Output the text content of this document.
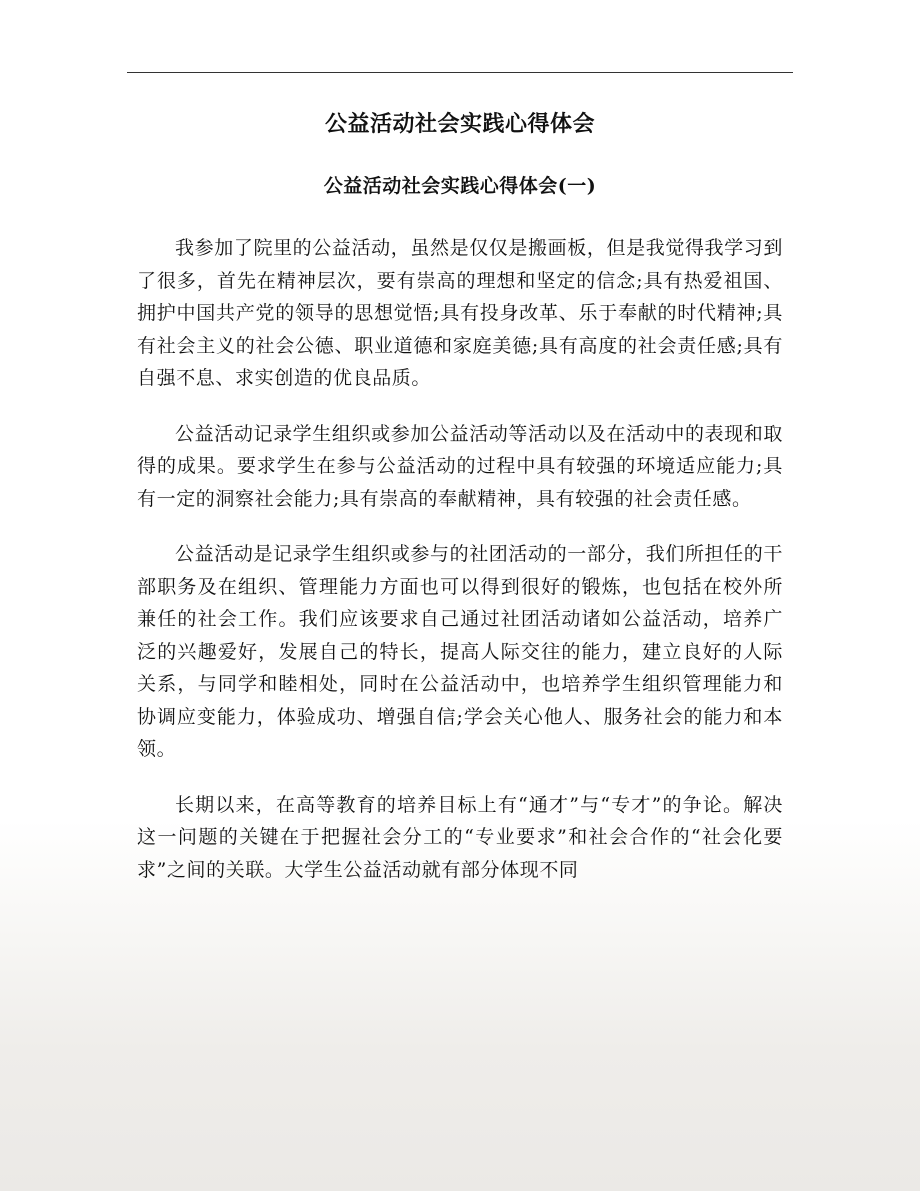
公益活动社会实践心得体会
公益活动社会实践心得体会(一)

我参加了院里的公益活动，虽然是仅仅是搬画板，但是我觉得我学习到了很多，首先在精神层次，要有崇高的理想和坚定的信念;具有热爱祖国、拥护中国共产党的领导的思想觉悟;具有投身改革、乐于奉献的时代精神;具有社会主义的社会公德、职业道德和家庭美德;具有高度的社会责任感;具有自强不息、求实创造的优良品质。

公益活动记录学生组织或参加公益活动等活动以及在活动中的表现和取得的成果。要求学生在参与公益活动的过程中具有较强的环境适应能力;具有一定的洞察社会能力;具有崇高的奉献精神，具有较强的社会责任感。

公益活动是记录学生组织或参与的社团活动的一部分，我们所担任的干部职务及在组织、管理能力方面也可以得到很好的锻炼，也包括在校外所兼任的社会工作。我们应该要求自己通过社团活动诸如公益活动，培养广泛的兴趣爱好，发展自己的特长，提高人际交往的能力，建立良好的人际关系，与同学和睦相处，同时在公益活动中，也培养学生组织管理能力和协调应变能力，体验成功、增强自信;学会关心他人、服务社会的能力和本领。

长期以来，在高等教育的培养目标上有“通才”与“专才”的争论。解决这一问题的关键在于把握社会分工的“专业要求”和社会合作的“社会化要求”之间的关联。大学生公益活动就有部分体现不同
